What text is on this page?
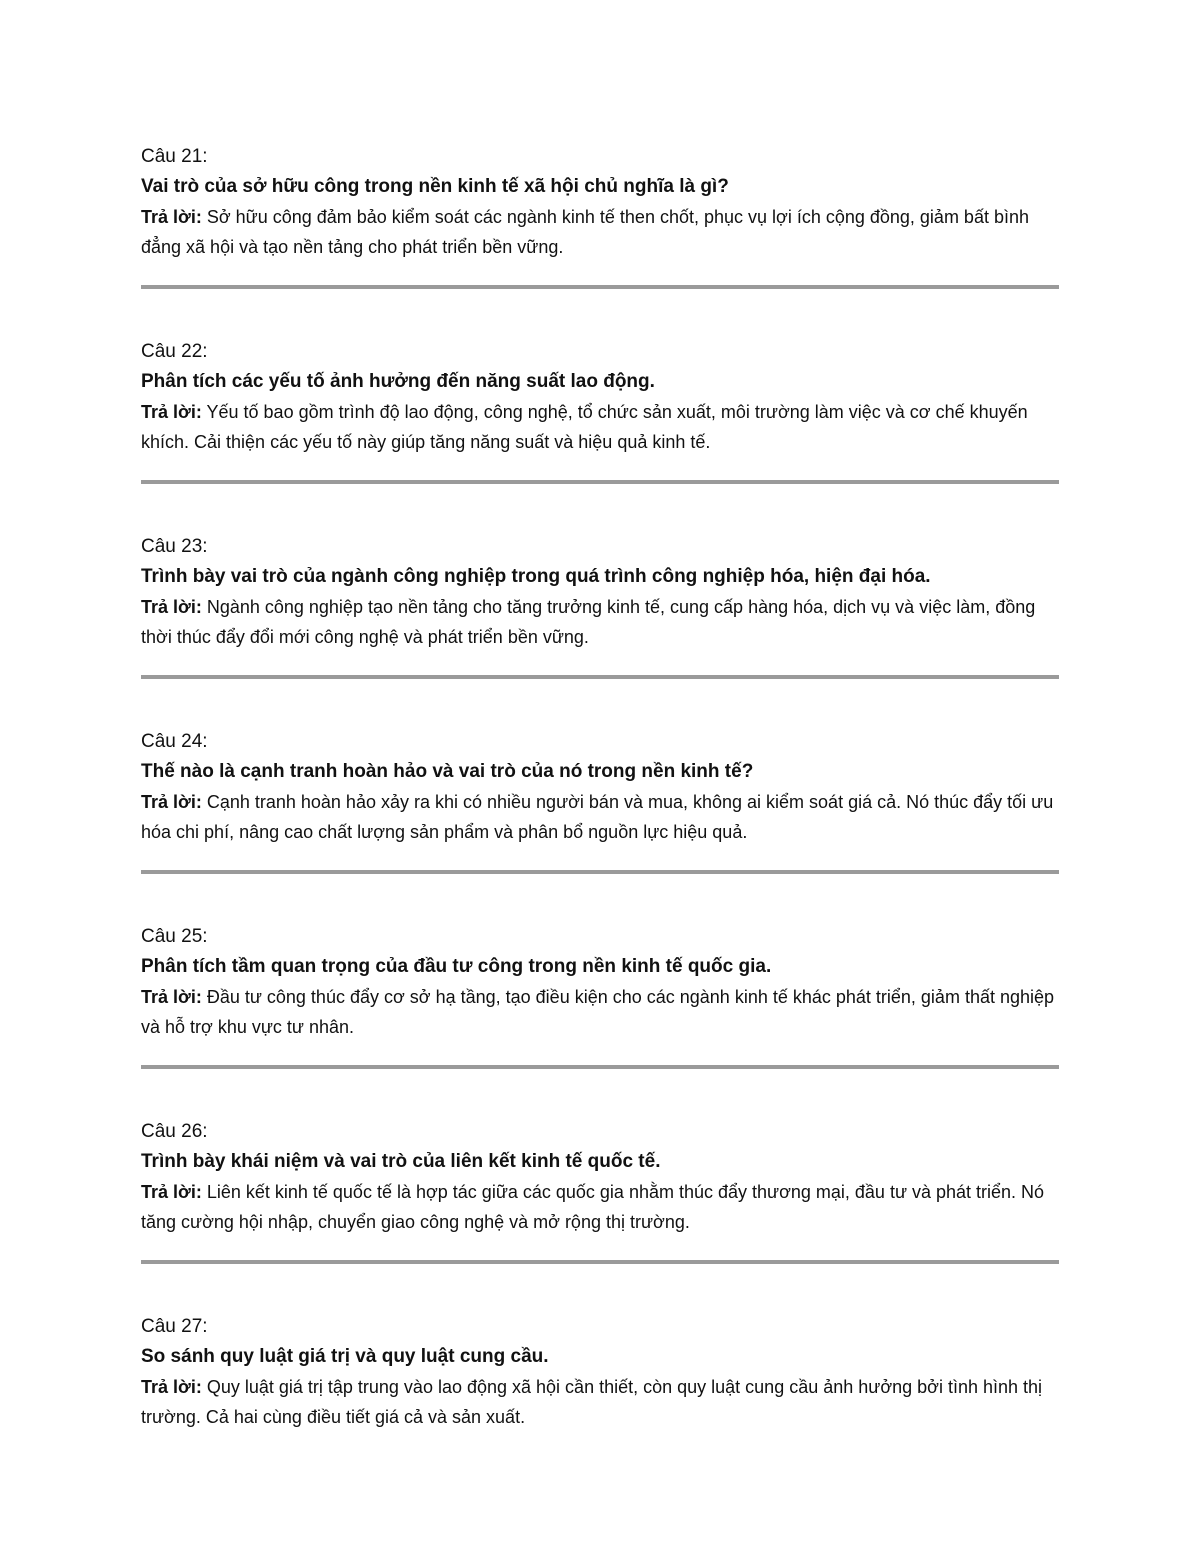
Câu 21:

Vai trò của sở hữu công trong nền kinh tế xã hội chủ nghĩa là gì?

Trả lời: Sở hữu công đảm bảo kiểm soát các ngành kinh tế then chốt, phục vụ lợi ích cộng đồng, giảm bất bình đẳng xã hội và tạo nền tảng cho phát triển bền vững.

Câu 22:

Phân tích các yếu tố ảnh hưởng đến năng suất lao động.

Trả lời: Yếu tố bao gồm trình độ lao động, công nghệ, tổ chức sản xuất, môi trường làm việc và cơ chế khuyến khích. Cải thiện các yếu tố này giúp tăng năng suất và hiệu quả kinh tế.

Câu 23:

Trình bày vai trò của ngành công nghiệp trong quá trình công nghiệp hóa, hiện đại hóa.

Trả lời: Ngành công nghiệp tạo nền tảng cho tăng trưởng kinh tế, cung cấp hàng hóa, dịch vụ và việc làm, đồng thời thúc đẩy đổi mới công nghệ và phát triển bền vững.

Câu 24:

Thế nào là cạnh tranh hoàn hảo và vai trò của nó trong nền kinh tế?

Trả lời: Cạnh tranh hoàn hảo xảy ra khi có nhiều người bán và mua, không ai kiểm soát giá cả. Nó thúc đẩy tối ưu hóa chi phí, nâng cao chất lượng sản phẩm và phân bổ nguồn lực hiệu quả.

Câu 25:

Phân tích tầm quan trọng của đầu tư công trong nền kinh tế quốc gia.

Trả lời: Đầu tư công thúc đẩy cơ sở hạ tầng, tạo điều kiện cho các ngành kinh tế khác phát triển, giảm thất nghiệp và hỗ trợ khu vực tư nhân.

Câu 26:

Trình bày khái niệm và vai trò của liên kết kinh tế quốc tế.

Trả lời: Liên kết kinh tế quốc tế là hợp tác giữa các quốc gia nhằm thúc đẩy thương mại, đầu tư và phát triển. Nó tăng cường hội nhập, chuyển giao công nghệ và mở rộng thị trường.

Câu 27:

So sánh quy luật giá trị và quy luật cung cầu.

Trả lời: Quy luật giá trị tập trung vào lao động xã hội cần thiết, còn quy luật cung cầu ảnh hưởng bởi tình hình thị trường. Cả hai cùng điều tiết giá cả và sản xuất.
